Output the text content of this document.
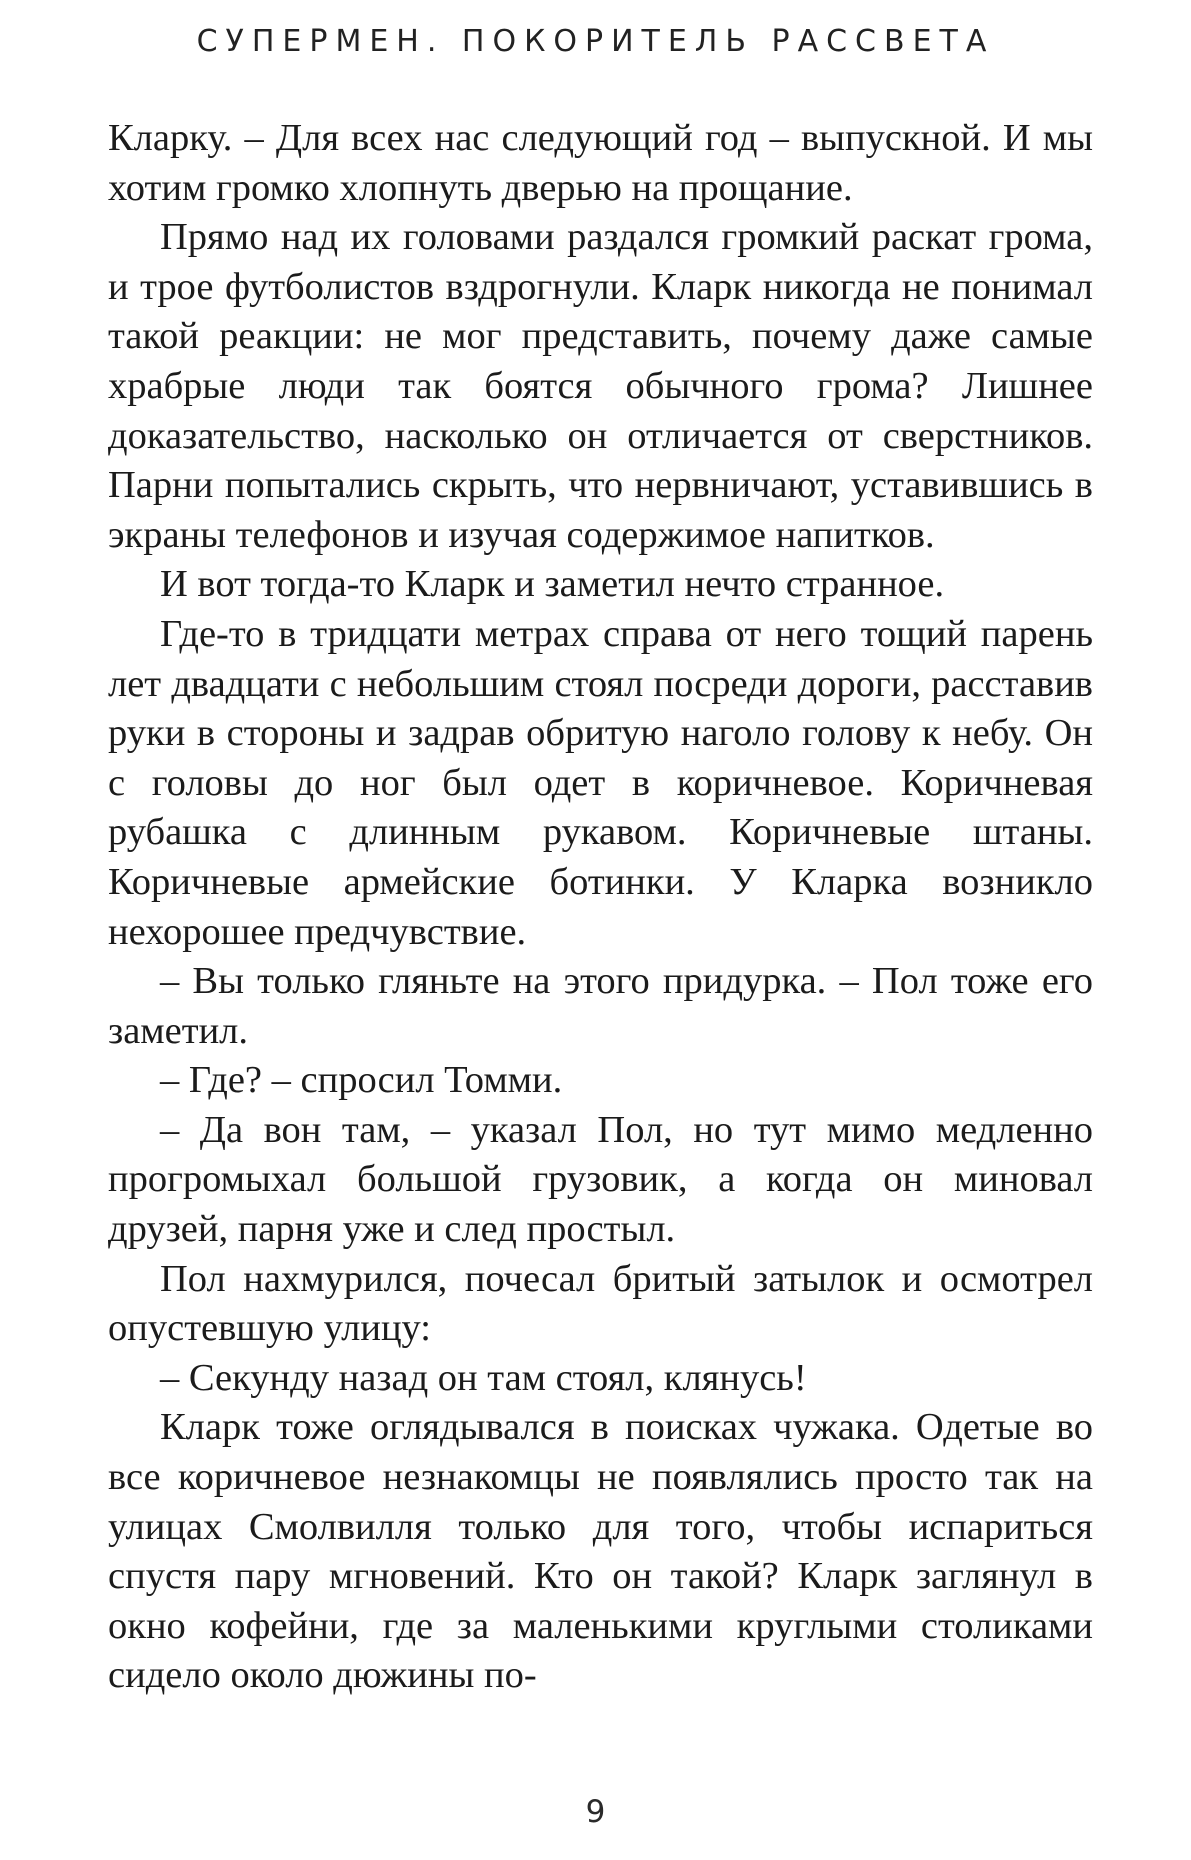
СУПЕРМЕН. ПОКОРИТЕЛЬ РАССВЕТА

Кларку. – Для всех нас следующий год – выпускной. И мы хотим громко хлопнуть дверью на прощание.

Прямо над их головами раздался громкий раскат грома, и трое футболистов вздрогнули. Кларк никогда не понимал такой реакции: не мог представить, почему даже самые храбрые люди так боятся обычного грома? Лишнее доказательство, насколько он отличается от сверстников. Парни попытались скрыть, что нервничают, уставившись в экраны телефонов и изучая содержимое напитков.

И вот тогда-то Кларк и заметил нечто странное.

Где-то в тридцати метрах справа от него тощий парень лет двадцати с небольшим стоял посреди дороги, расставив руки в стороны и задрав обритую наголо голову к небу. Он с головы до ног был одет в коричневое. Коричневая рубашка с длинным рукавом. Коричневые штаны. Коричневые армейские ботинки. У Кларка возникло нехорошее предчувствие.

– Вы только гляньте на этого придурка. – Пол тоже его заметил.

– Где? – спросил Томми.

– Да вон там, – указал Пол, но тут мимо медленно прогромыхал большой грузовик, а когда он миновал друзей, парня уже и след простыл.

Пол нахмурился, почесал бритый затылок и осмотрел опустевшую улицу:

– Секунду назад он там стоял, клянусь!

Кларк тоже оглядывался в поисках чужака. Одетые во все коричневое незнакомцы не появлялись просто так на улицах Смолвилля только для того, чтобы испариться спустя пару мгновений. Кто он такой? Кларк заглянул в окно кофейни, где за маленькими круглыми столиками сидело около дюжины по-

9
